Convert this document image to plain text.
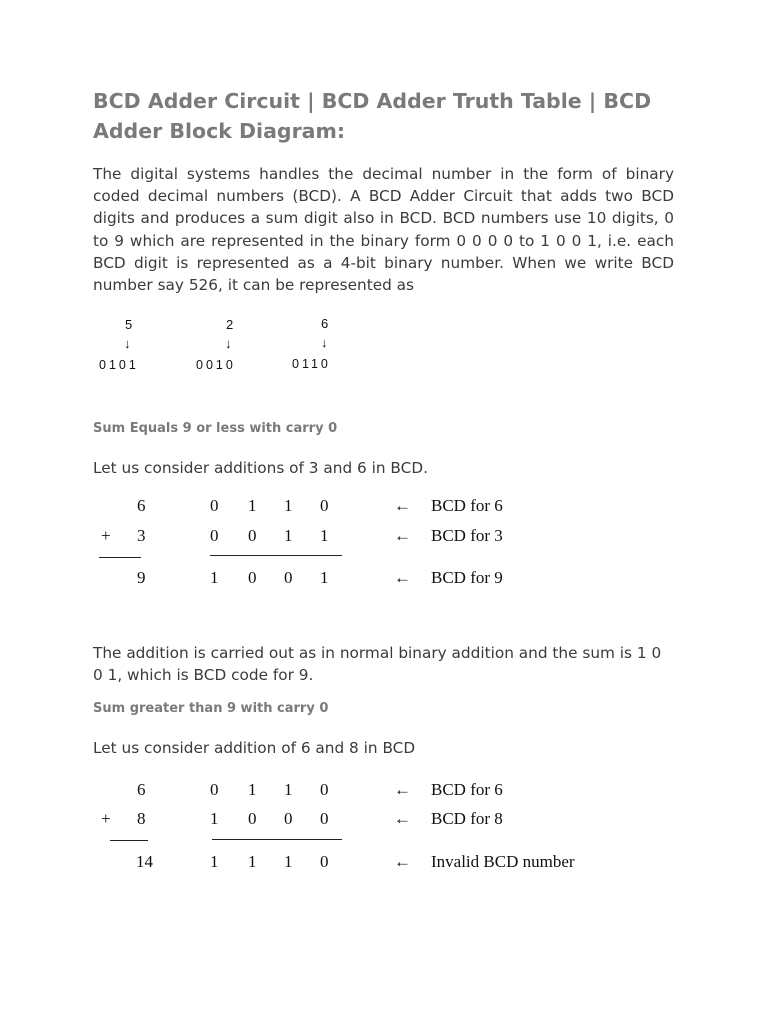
BCD Adder Circuit | BCD Adder Truth Table | BCD Adder Block Diagram:

The digital systems handles the decimal number in the form of binary coded decimal numbers (BCD). A BCD Adder Circuit that adds two BCD digits and produces a sum digit also in BCD. BCD numbers use 10 digits, 0 to 9 which are represented in the binary form 0 0 0 0 to 1 0 0 1, i.e. each BCD digit is represented as a 4-bit binary number. When we write BCD number say 526, it can be represented as

5
↓
0101
2
↓
0010
6
↓
0110
Sum Equals 9 or less with carry 0

Let us consider additions of 3 and 6 in BCD.

6	0 1 1 0	← BCD for 6
+ 3	0 0 1 1	← BCD for 3
9	1 0 0 1	← BCD for 9

The addition is carried out as in normal binary addition and the sum is 1 0 0 1, which is BCD code for 9.

Sum greater than 9 with carry 0

Let us consider addition of 6 and 8 in BCD

6	0 1 1 0	← BCD for 6
+ 8	1 0 0 0	← BCD for 8
14	1 1 1 0	← Invalid BCD number
